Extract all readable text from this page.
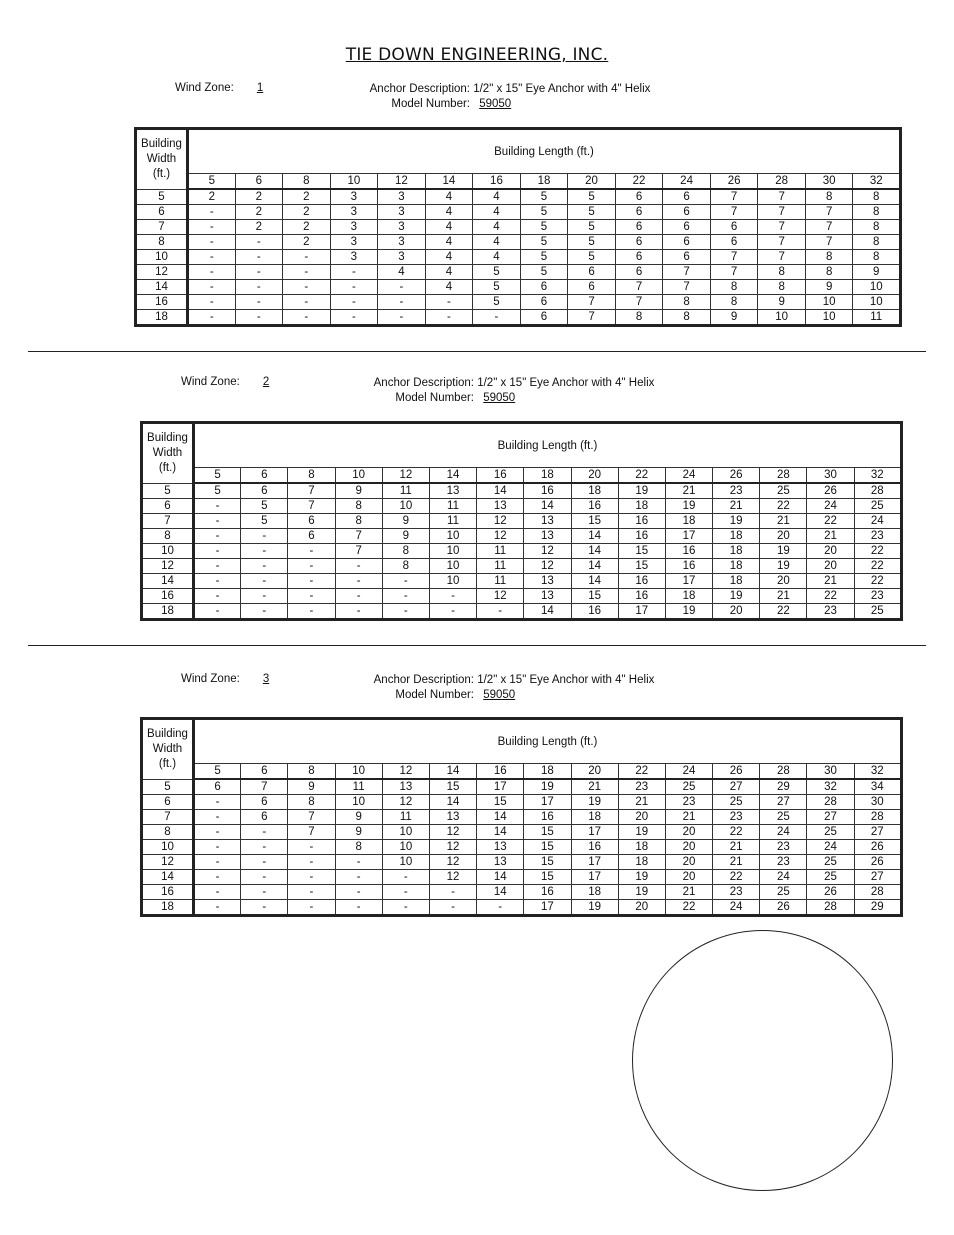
TIE DOWN ENGINEERING, INC.
Wind Zone: 1	Anchor Description: 1/2" x 15" Eye Anchor with 4" Helix
Model Number: 59050
Building
Width
(ft.)	Building Length (ft.)														
	5	6	8	10	12	14	16	18	20	22	24	26	28	30	32
5	2	2	2	3	3	4	4	5	5	6	6	7	7	8	8
6	-	2	2	3	3	4	4	5	5	6	6	7	7	7	8
7	-	2	2	3	3	4	4	5	5	6	6	6	7	7	8
8	-	-	2	3	3	4	4	5	5	6	6	6	7	7	8
10	-	-	-	3	3	4	4	5	5	6	6	7	7	8	8
12	-	-	-	-	4	4	5	5	6	6	7	7	8	8	9
14	-	-	-	-	-	4	5	6	6	7	7	8	8	9	10
16	-	-	-	-	-	-	5	6	7	7	8	8	9	10	10
18	-	-	-	-	-	-	-	6	7	8	8	9	10	10	11
Wind Zone: 2	Anchor Description: 1/2" x 15" Eye Anchor with 4" Helix
Model Number: 59050
Building
Width
(ft.)	Building Length (ft.)														
	5	6	8	10	12	14	16	18	20	22	24	26	28	30	32
5	5	6	7	9	11	13	14	16	18	19	21	23	25	26	28
6	-	5	7	8	10	11	13	14	16	18	19	21	22	24	25
7	-	5	6	8	9	11	12	13	15	16	18	19	21	22	24
8	-	-	6	7	9	10	12	13	14	16	17	18	20	21	23
10	-	-	-	7	8	10	11	12	14	15	16	18	19	20	22
12	-	-	-	-	8	10	11	12	14	15	16	18	19	20	22
14	-	-	-	-	-	10	11	13	14	16	17	18	20	21	22
16	-	-	-	-	-	-	12	13	15	16	18	19	21	22	23
18	-	-	-	-	-	-	-	14	16	17	19	20	22	23	25
Wind Zone: 3	Anchor Description: 1/2" x 15" Eye Anchor with 4" Helix
Model Number: 59050
Building
Width
(ft.)	Building Length (ft.)														
	5	6	8	10	12	14	16	18	20	22	24	26	28	30	32
5	6	7	9	11	13	15	17	19	21	23	25	27	29	32	34
6	-	6	8	10	12	14	15	17	19	21	23	25	27	28	30
7	-	6	7	9	11	13	14	16	18	20	21	23	25	27	28
8	-	-	7	9	10	12	14	15	17	19	20	22	24	25	27
10	-	-	-	8	10	12	13	15	16	18	20	21	23	24	26
12	-	-	-	-	10	12	13	15	17	18	20	21	23	25	26
14	-	-	-	-	-	12	14	15	17	19	20	22	24	25	27
16	-	-	-	-	-	-	14	16	18	19	21	23	25	26	28
18	-	-	-	-	-	-	-	17	19	20	22	24	26	28	29
